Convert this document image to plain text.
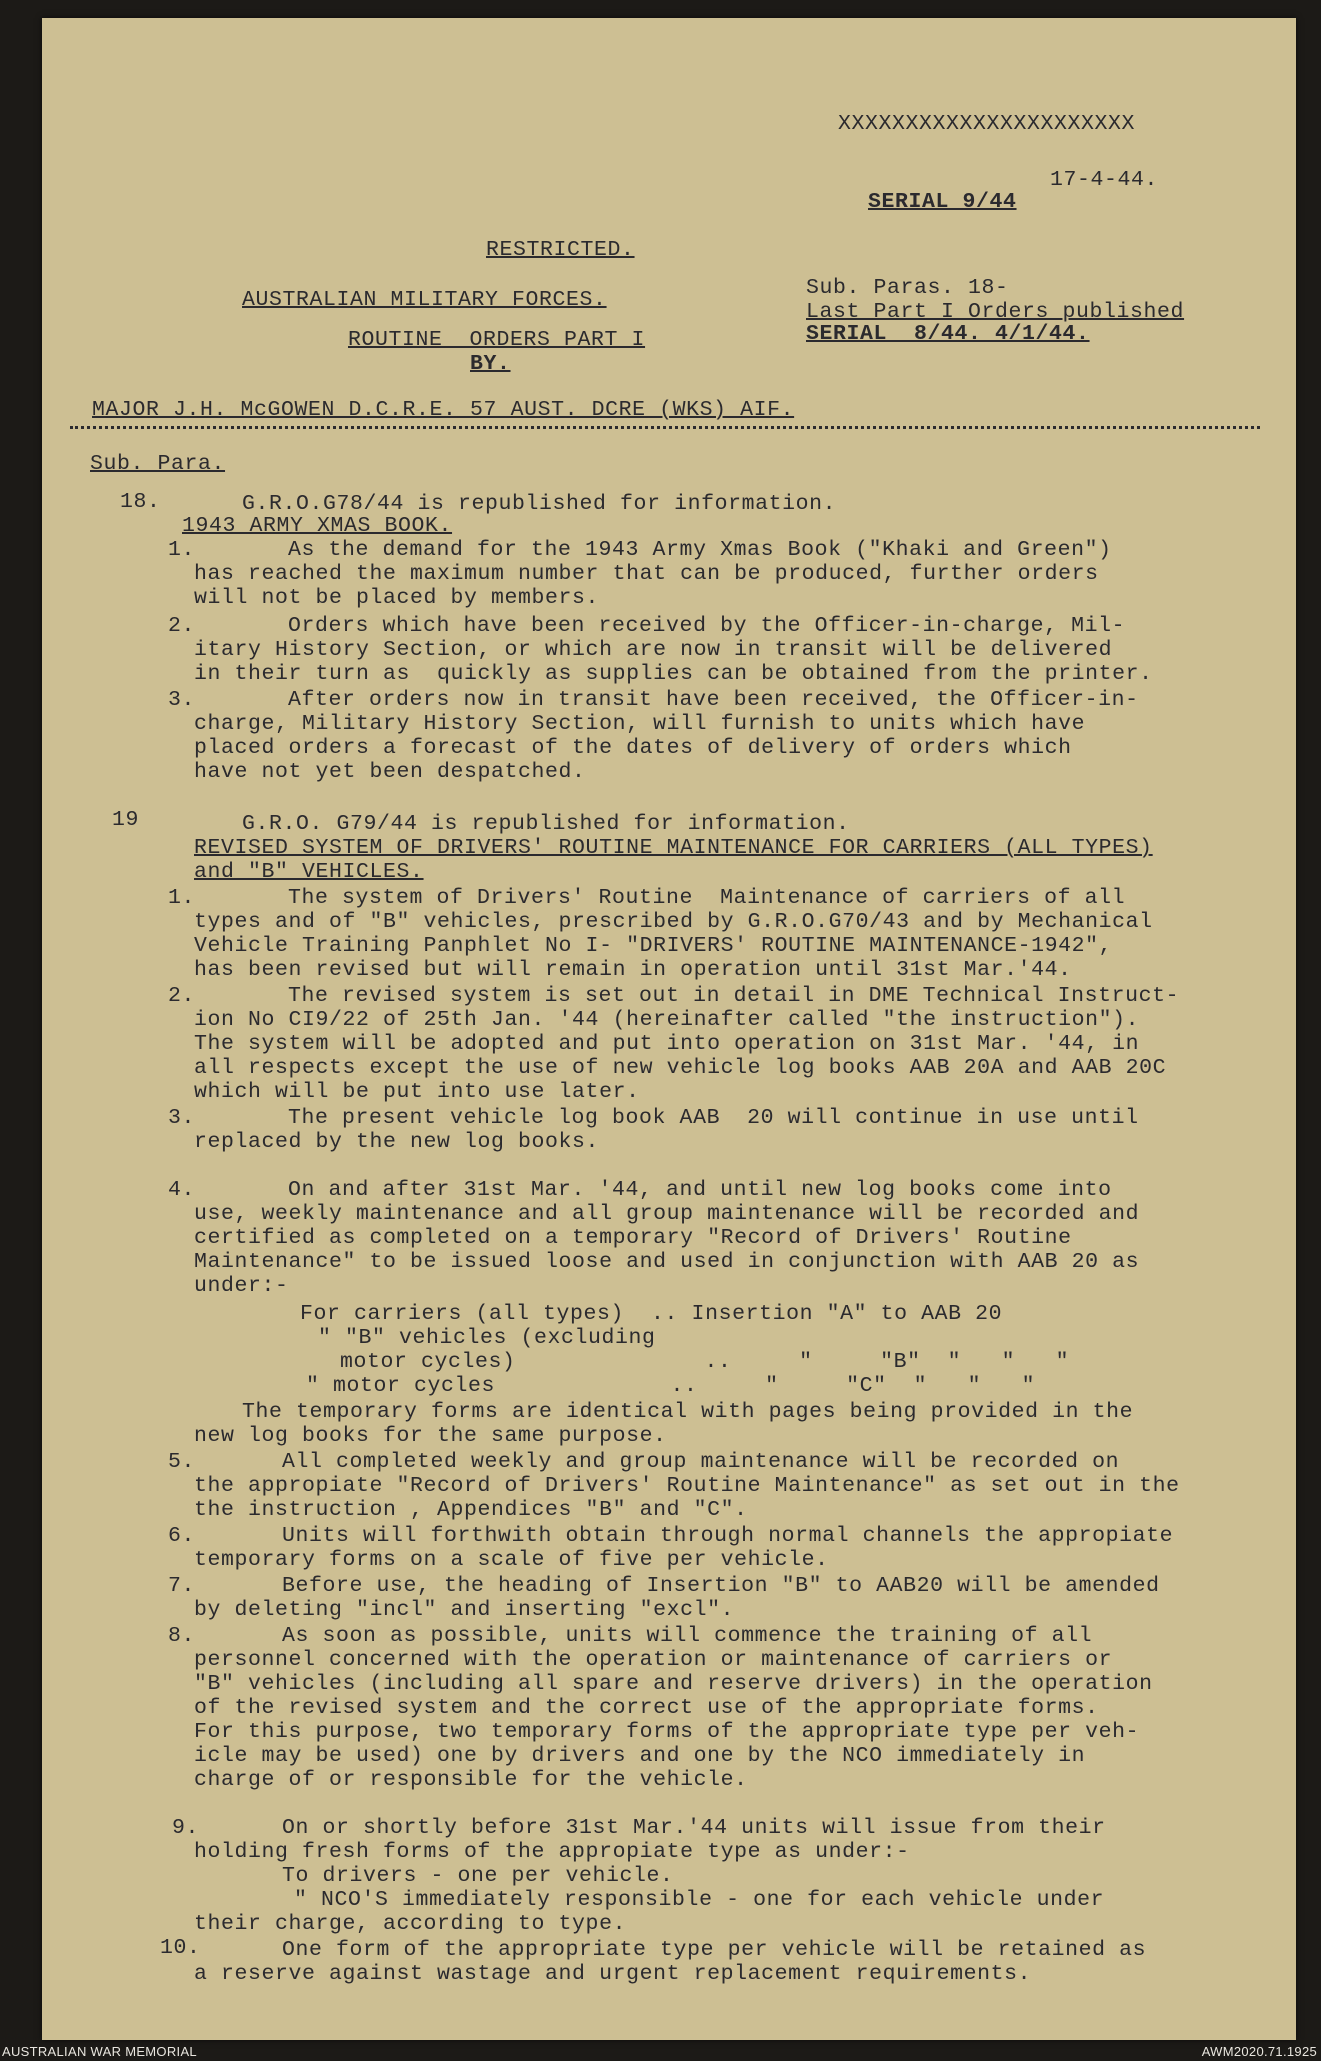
XXXXXXXXXXXXXXXXXXXXXX
17-4-44.
SERIAL 9/44
RESTRICTED.
AUSTRALIAN MILITARY FORCES.	Sub. Paras. 18-
Last Part I Orders published
SERIAL  8/44. 4/1/44.
ROUTINE  ORDERS PART I
BY.
MAJOR J.H. McGOWEN D.C.R.E. 57 AUST. DCRE (WKS) AIF.
Sub. Para.
18.	G.R.O.G78/44 is republished for information.
1943 ARMY XMAS BOOK.
1.	As the demand for the 1943 Army Xmas Book ("Khaki and Green")
has reached the maximum number that can be produced, further orders
will not be placed by members.
2.	Orders which have been received by the Officer-in-charge, Mil-
itary History Section, or which are now in transit will be delivered
in their turn as  quickly as supplies can be obtained from the printer.
3.	After orders now in transit have been received, the Officer-in-
charge, Military History Section, will furnish to units which have
placed orders a forecast of the dates of delivery of orders which
have not yet been despatched.
19	G.R.O. G79/44 is republished for information.
REVISED SYSTEM OF DRIVERS' ROUTINE MAINTENANCE FOR CARRIERS (ALL TYPES)
and "B" VEHICLES.
1.	The system of Drivers' Routine  Maintenance of carriers of all
types and of "B" vehicles, prescribed by G.R.O.G70/43 and by Mechanical
Vehicle Training Panphlet No I- "DRIVERS' ROUTINE MAINTENANCE-1942",
has been revised but will remain in operation until 31st Mar.'44.
2.	The revised system is set out in detail in DME Technical Instruct-
ion No CI9/22 of 25th Jan. '44 (hereinafter called "the instruction").
The system will be adopted and put into operation on 31st Mar. '44, in
all respects except the use of new vehicle log books AAB 20A and AAB 20C
which will be put into use later.
3.	The present vehicle log book AAB  20 will continue in use until
replaced by the new log books.
4.	On and after 31st Mar. '44, and until new log books come into
use, weekly maintenance and all group maintenance will be recorded and
certified as completed on a temporary "Record of Drivers' Routine
Maintenance" to be issued loose and used in conjunction with AAB 20 as
under:-
For carriers (all types)  .. Insertion "A" to AAB 20
" "B" vehicles (excluding
motor cycles)              ..     "     "B"  "   "   "
" motor cycles             ..     "     "C"  "   "   "
The temporary forms are identical with pages being provided in the
new log books for the same purpose.
5.	All completed weekly and group maintenance will be recorded on
the appropiate "Record of Drivers' Routine Maintenance" as set out in the
the instruction , Appendices "B" and "C".
6.	Units will forthwith obtain through normal channels the appropiate
temporary forms on a scale of five per vehicle.
7.	Before use, the heading of Insertion "B" to AAB20 will be amended
by deleting "incl" and inserting "excl".
8.	As soon as possible, units will commence the training of all
personnel concerned with the operation or maintenance of carriers or
"B" vehicles (including all spare and reserve drivers) in the operation
of the revised system and the correct use of the appropriate forms.
For this purpose, two temporary forms of the appropriate type per veh-
icle may be used) one by drivers and one by the NCO immediately in
charge of or responsible for the vehicle.
9.	On or shortly before 31st Mar.'44 units will issue from their
holding fresh forms of the appropiate type as under:-
To drivers - one per vehicle.
" NCO'S immediately responsible - one for each vehicle under
their charge, according to type.
10.	One form of the appropriate type per vehicle will be retained as
a reserve against wastage and urgent replacement requirements.
AUSTRALIAN WAR MEMORIAL	AWM2020.71.1925
